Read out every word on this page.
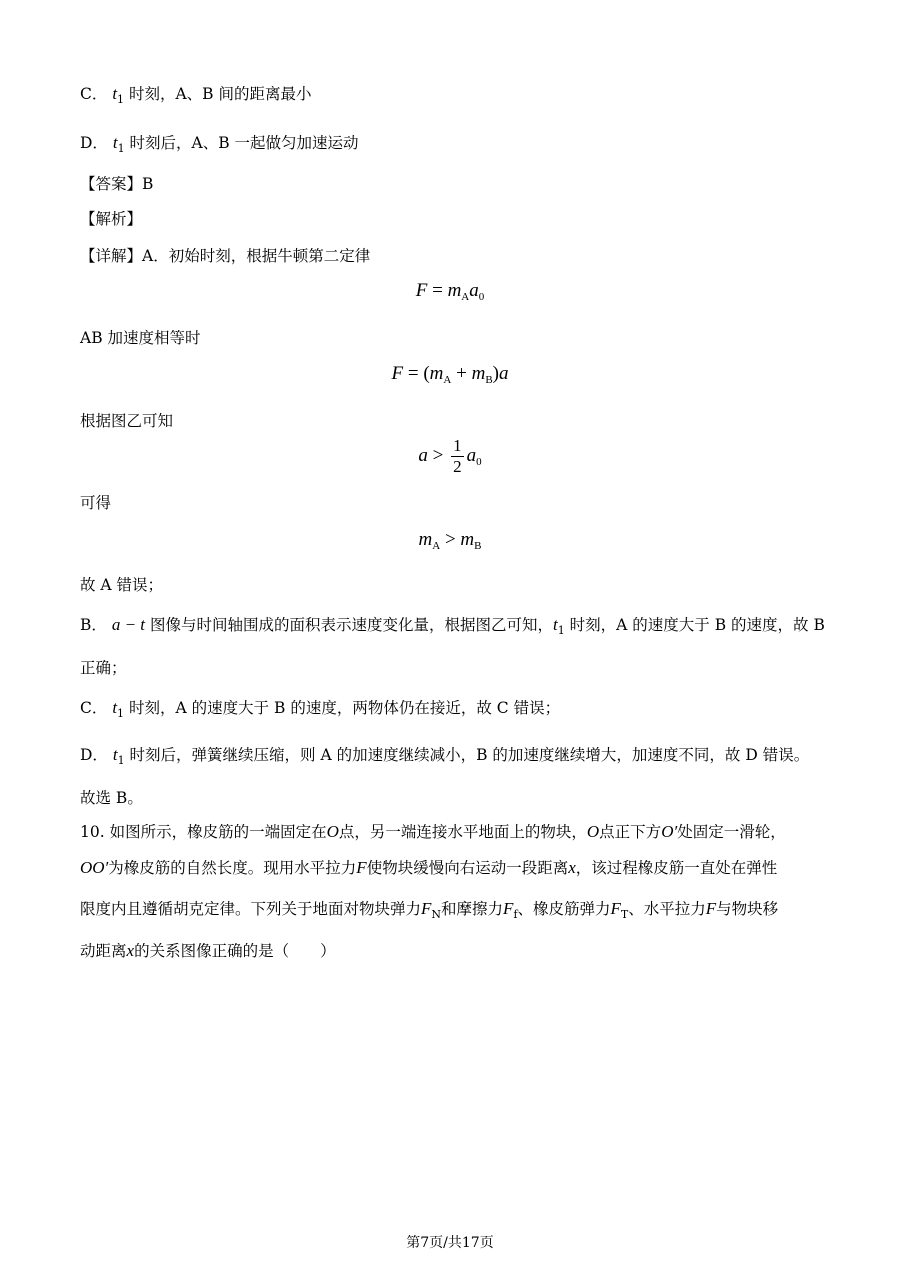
C． $t_1$ 时刻，A、B 间的距离最小
D． $t_1$ 时刻后，A、B 一起做匀加速运动
【答案】B
【解析】
【详解】A．初始时刻，根据牛顿第二定律
$F = m_Aa_0$
AB 加速度相等时
$F = (m_A + m_B)a$
根据图乙可知
$a > \frac{1}{2} a_0$
可得
$m_A > m_B$
故 A 错误；
B． a − t 图像与时间轴围成的面积表示速度变化量，根据图乙可知，$t_1$ 时刻，A 的速度大于 B 的速度，故 B
正确；
C． $t_1$ 时刻，A 的速度大于 B 的速度，两物体仍在接近，故 C 错误；
D． $t_1$ 时刻后，弹簧继续压缩，则 A 的加速度继续减小，B 的加速度继续增大，加速度不同，故 D 错误。
故选 B。
10. 如图所示，橡皮筋的一端固定在O点，另一端连接水平地面上的物块，O点正下方O′处固定一滑轮，
OO′为橡皮筋的自然长度。现用水平拉力F使物块缓慢向右运动一段距离x，该过程橡皮筋一直处在弹性
限度内且遵循胡克定律。下列关于地面对物块弹力$F_N$和摩擦力$F_f$、橡皮筋弹力$F_T$、水平拉力F与物块移
动距离x的关系图像正确的是（　　）
第7页/共17页
